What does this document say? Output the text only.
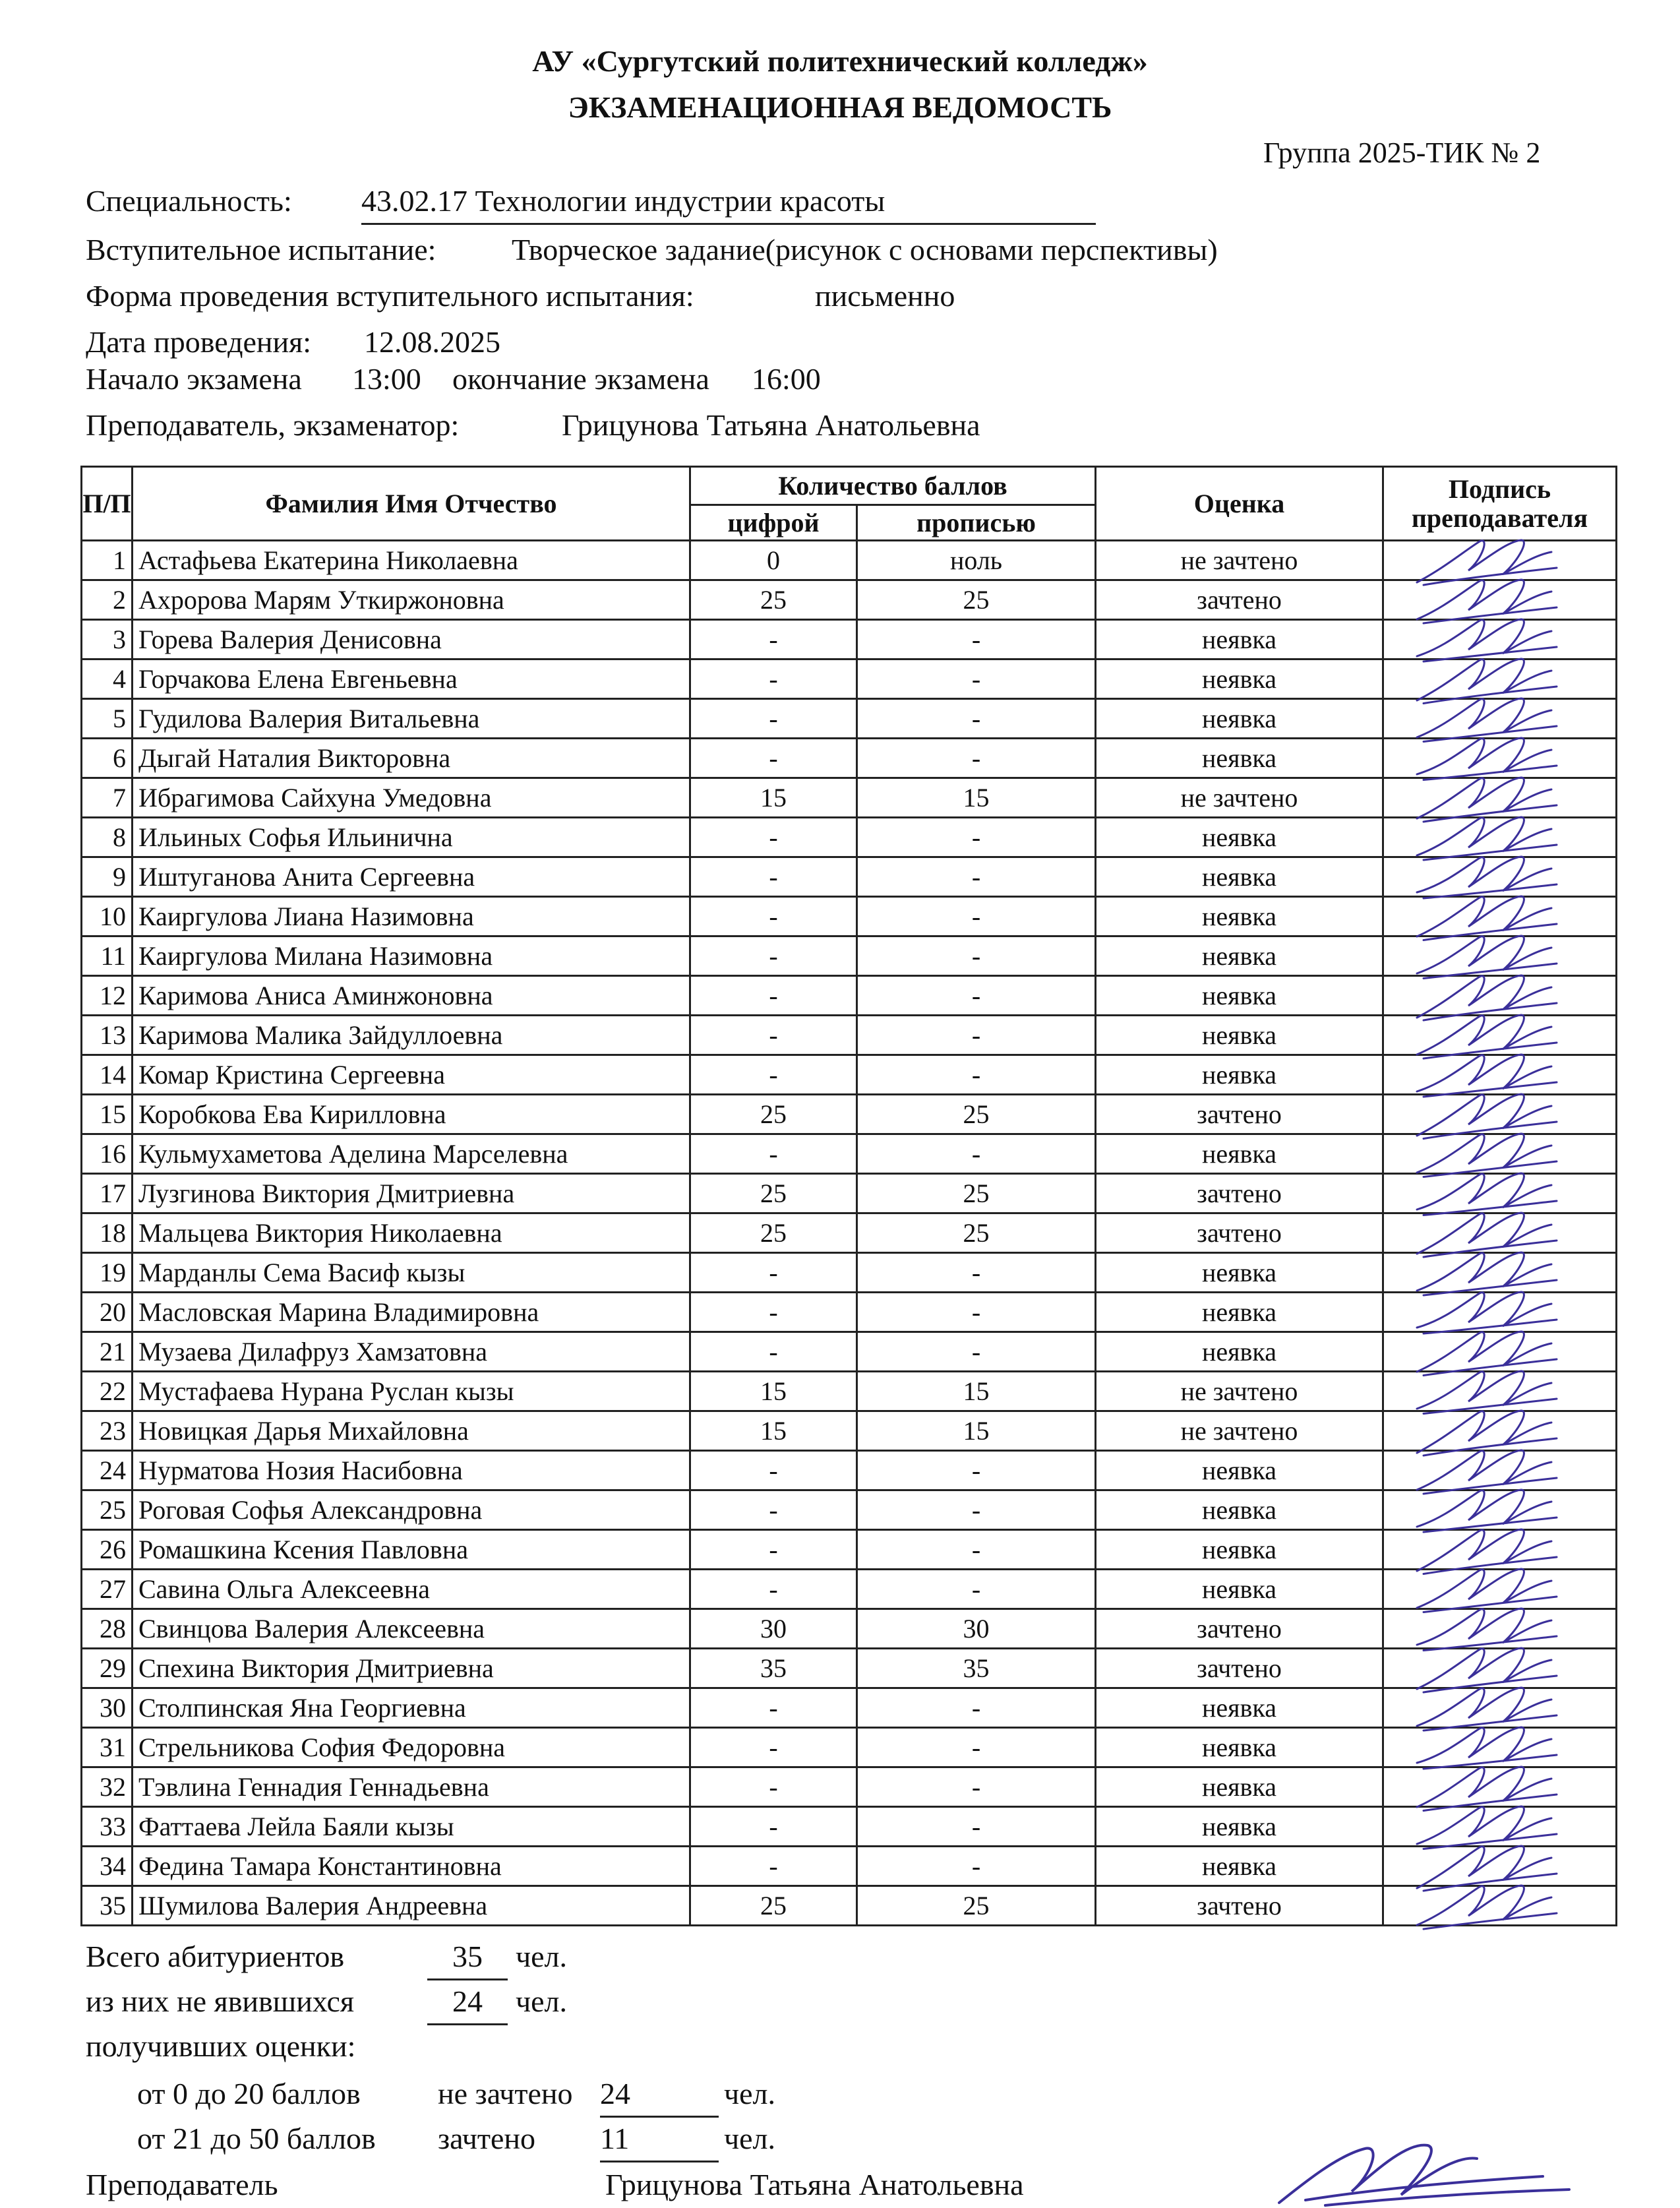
АУ «Сургутский политехнический колледж»
ЭКЗАМЕНАЦИОННАЯ ВЕДОМОСТЬ
Группа 2025-ТИК № 2
Специальность: 43.02.17 Технологии индустрии красоты
Вступительное испытание: Творческое задание(рисунок с основами перспективы)
Форма проведения вступительного испытания:	письменно
Дата проведения: 12.08.2025
Начало экзамена 13:00 окончание экзамена 16:00
Преподаватель, экзаменатор:	Грицунова Татьяна Анатольевна
П/П	Фамилия Имя Отчество	Количество баллов		Оценка	Подпись преподавателя
		цифрой	прописью		
1	Астафьева Екатерина Николаевна	0	ноль	не зачтено	

2	Ахророва Марям Уткиржоновна	25	25	зачтено	

3	Горева Валерия Денисовна	-	-	неявка	

4	Горчакова Елена Евгеньевна	-	-	неявка	

5	Гудилова Валерия Витальевна	-	-	неявка	

6	Дыгай Наталия Викторовна	-	-	неявка	

7	Ибрагимова Сайхуна Умедовна	15	15	не зачтено	

8	Ильиных Софья Ильинична	-	-	неявка	

9	Иштуганова Анита Сергеевна	-	-	неявка	

10	Каиргулова Лиана Назимовна	-	-	неявка	

11	Каиргулова Милана Назимовна	-	-	неявка	

12	Каримова Аниса Аминжоновна	-	-	неявка	

13	Каримова Малика Зайдуллоевна	-	-	неявка	

14	Комар Кристина Сергеевна	-	-	неявка	

15	Коробкова Ева Кирилловна	25	25	зачтено	

16	Кульмухаметова Аделина Марселевна	-	-	неявка	

17	Лузгинова Виктория Дмитриевна	25	25	зачтено	

18	Мальцева Виктория Николаевна	25	25	зачтено	

19	Марданлы Сема Васиф кызы	-	-	неявка	

20	Масловская Марина Владимировна	-	-	неявка	

21	Музаева Дилафруз Хамзатовна	-	-	неявка	

22	Мустафаева Нурана Руслан кызы	15	15	не зачтено	

23	Новицкая Дарья Михайловна	15	15	не зачтено	

24	Нурматова Нозия Насибовна	-	-	неявка	

25	Роговая Софья Александровна	-	-	неявка	

26	Ромашкина Ксения Павловна	-	-	неявка	

27	Савина Ольга Алексеевна	-	-	неявка	

28	Свинцова Валерия Алексеевна	30	30	зачтено	

29	Спехина Виктория Дмитриевна	35	35	зачтено	

30	Столпинская Яна Георгиевна	-	-	неявка	

31	Стрельникова София Федоровна	-	-	неявка	

32	Тэвлина Геннадия Геннадьевна	-	-	неявка	

33	Фаттаева Лейла Баяли кызы	-	-	неявка	

34	Федина Тамара Константиновна	-	-	неявка	

35	Шумилова Валерия Андреевна	25	25	зачтено	
Всего абитуриентов	35	чел.
из них не явившихся	24	чел.
получивших оценки:
от 0 до 20 баллов	не зачтено 24	чел.
от 21 до 50 баллов зачтено 11	чел.
Преподаватель	Грицунова Татьяна Анатольевна
